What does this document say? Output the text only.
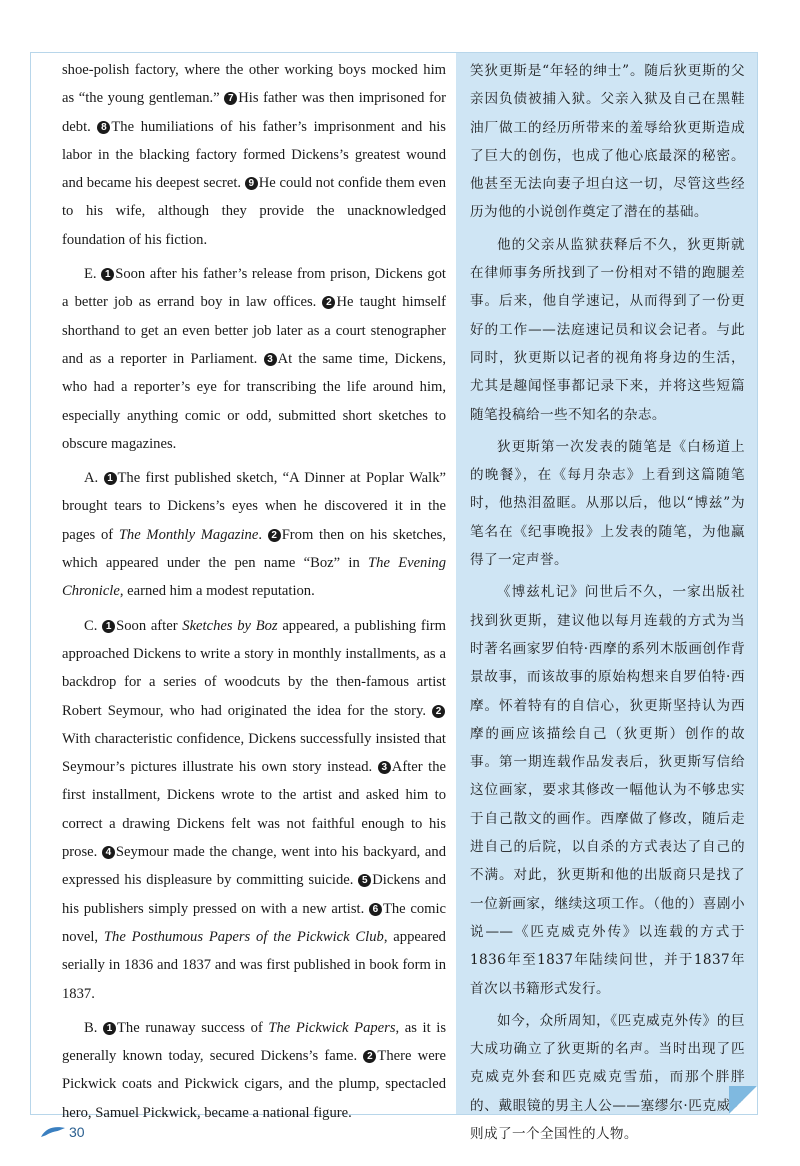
shoe-polish factory, where the other working boys mocked him as “the young gentleman.” 7 His father was then imprisoned for debt. 8 The humiliations of his father’s imprisonment and his labor in the blacking factory formed Dickens’s greatest wound and became his deepest secret. 9 He could not confide them even to his wife, although they provide the unacknowledged foundation of his fiction.

E. 1 Soon after his father’s release from prison, Dickens got a better job as errand boy in law offices. 2 He taught himself shorthand to get an even better job later as a court stenographer and as a reporter in Parliament. 3 At the same time, Dickens, who had a reporter’s eye for transcribing the life around him, especially anything comic or odd, submitted short sketches to obscure magazines.

A. 1 The first published sketch, “A Dinner at Poplar Walk” brought tears to Dickens’s eyes when he discovered it in the pages of The Monthly Magazine. 2 From then on his sketches, which appeared under the pen name “Boz” in The Evening Chronicle, earned him a modest reputation.

C. 1 Soon after Sketches by Boz appeared, a publishing firm approached Dickens to write a story in monthly installments, as a backdrop for a series of woodcuts by the then-famous artist Robert Seymour, who had originated the idea for the story. 2With characteristic confidence, Dickens successfully insisted that Seymour’s pictures illustrate his own story instead. 3 After the first installment, Dickens wrote to the artist and asked him to correct a drawing Dickens felt was not faithful enough to his prose. 4 Seymour made the change, went into his backyard, and expressed his displeasure by committing suicide. 5 Dickens and his publishers simply pressed on with a new artist. 6 The comic novel, The Posthumous Papers of the Pickwick Club, appeared serially in 1836 and 1837 and was first published in book form in 1837.

B. 1 The runaway success of The Pickwick Papers, as it is generally known today, secured Dickens’s fame. 2 There were Pickwick coats and Pickwick cigars, and the plump, spectacled hero, Samuel Pickwick, became a national figure.

笑狄更斯是“年轻的绅士”。随后狄更斯的父亲因负债被捕入狱。父亲入狱及自己在黑鞋油厂做工的经历所带来的羞辱给狄更斯造成了巨大的创伤，也成了他心底最深的秘密。他甚至无法向妻子坦白这一切，尽管这些经历为他的小说创作奠定了潜在的基础。

他的父亲从监狱获释后不久，狄更斯就在律师事务所找到了一份相对不错的跑腿差事。后来，他自学速记，从而得到了一份更好的工作——法庭速记员和议会记者。与此同时，狄更斯以记者的视角将身边的生活，尤其是趣闻怪事都记录下来，并将这些短篇随笔投稿给一些不知名的杂志。

狄更斯第一次发表的随笔是《白杨道上的晚餐》，在《每月杂志》上看到这篇随笔时，他热泪盈眶。从那以后，他以“博兹”为笔名在《纪事晚报》上发表的随笔，为他赢得了一定声誉。

《博兹札记》问世后不久，一家出版社找到狄更斯，建议他以每月连载的方式为当时著名画家罗伯特·西摩的系列木版画创作背景故事，而该故事的原始构想来自罗伯特·西摩。怀着特有的自信心，狄更斯坚持认为西摩的画应该描绘自己（狄更斯）创作的故事。第一期连载作品发表后，狄更斯写信给这位画家，要求其修改一幅他认为不够忠实于自己散文的画作。西摩做了修改，随后走进自己的后院，以自杀的方式表达了自己的不满。对此，狄更斯和他的出版商只是找了一位新画家，继续这项工作。（他的）喜剧小说——《匹克威克外传》以连载的方式于1836年至1837年陆续问世，并于1837年首次以书籍形式发行。

如今，众所周知，《匹克威克外传》的巨大成功确立了狄更斯的名声。当时出现了匹克威克外套和匹克威克雪茄，而那个胖胖的、戴眼镜的男主人公——塞缪尔·匹克威克则成了一个全国性的人物。

30
